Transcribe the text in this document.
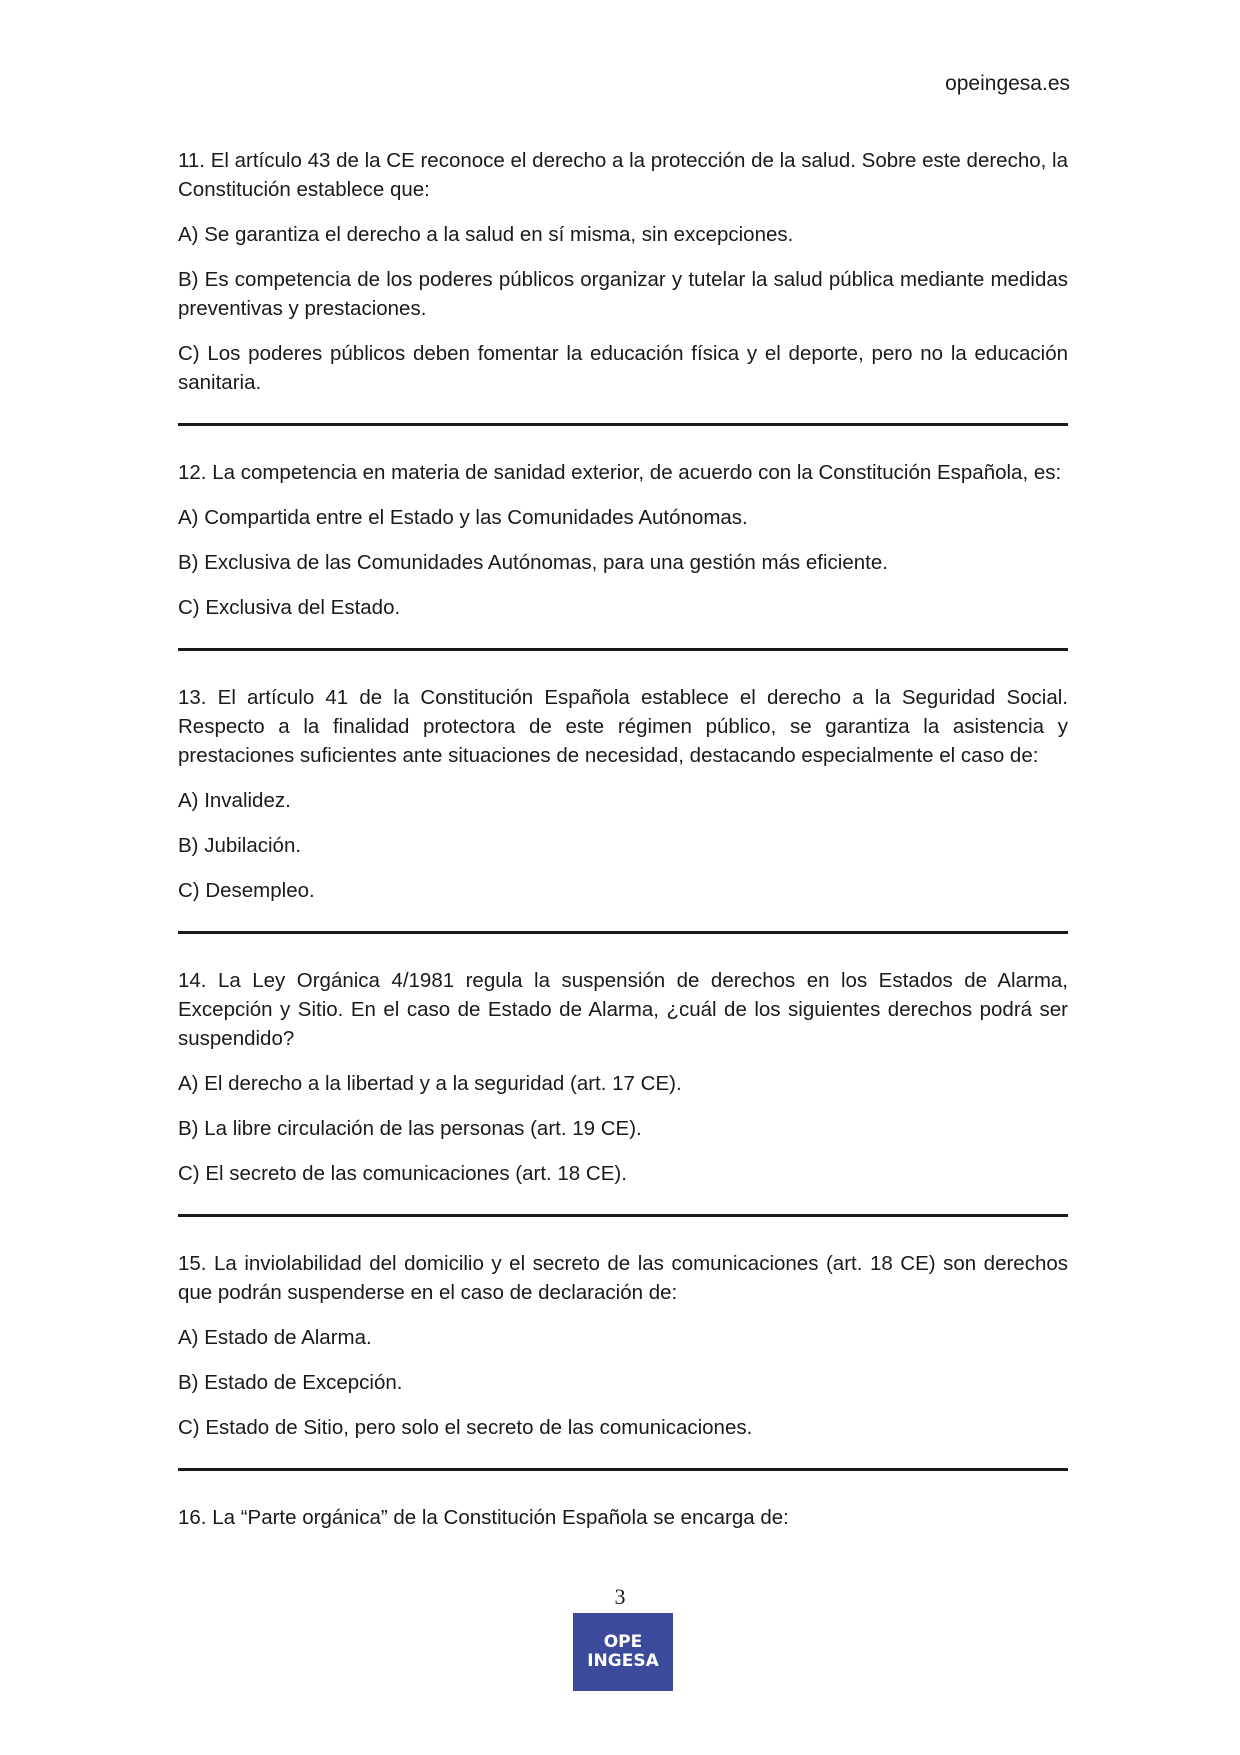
opeingesa.es

11. El artículo 43 de la CE reconoce el derecho a la protección de la salud. Sobre este derecho, la Constitución establece que:

A) Se garantiza el derecho a la salud en sí misma, sin excepciones.

B) Es competencia de los poderes públicos organizar y tutelar la salud pública mediante medidas preventivas y prestaciones.

C) Los poderes públicos deben fomentar la educación física y el deporte, pero no la educación sanitaria.

12. La competencia en materia de sanidad exterior, de acuerdo con la Constitución Española, es:

A) Compartida entre el Estado y las Comunidades Autónomas.

B) Exclusiva de las Comunidades Autónomas, para una gestión más eficiente.

C) Exclusiva del Estado.

13. El artículo 41 de la Constitución Española establece el derecho a la Seguridad Social. Respecto a la finalidad protectora de este régimen público, se garantiza la asistencia y prestaciones suficientes ante situaciones de necesidad, destacando especialmente el caso de:

A) Invalidez.

B) Jubilación.

C) Desempleo.

14. La Ley Orgánica 4/1981 regula la suspensión de derechos en los Estados de Alarma, Excepción y Sitio. En el caso de Estado de Alarma, ¿cuál de los siguientes derechos podrá ser suspendido?

A) El derecho a la libertad y a la seguridad (art. 17 CE).

B) La libre circulación de las personas (art. 19 CE).

C) El secreto de las comunicaciones (art. 18 CE).

15. La inviolabilidad del domicilio y el secreto de las comunicaciones (art. 18 CE) son derechos que podrán suspenderse en el caso de declaración de:

A) Estado de Alarma.

B) Estado de Excepción.

C) Estado de Sitio, pero solo el secreto de las comunicaciones.

16. La “Parte orgánica” de la Constitución Española se encarga de:

3
OPE
INGESA
